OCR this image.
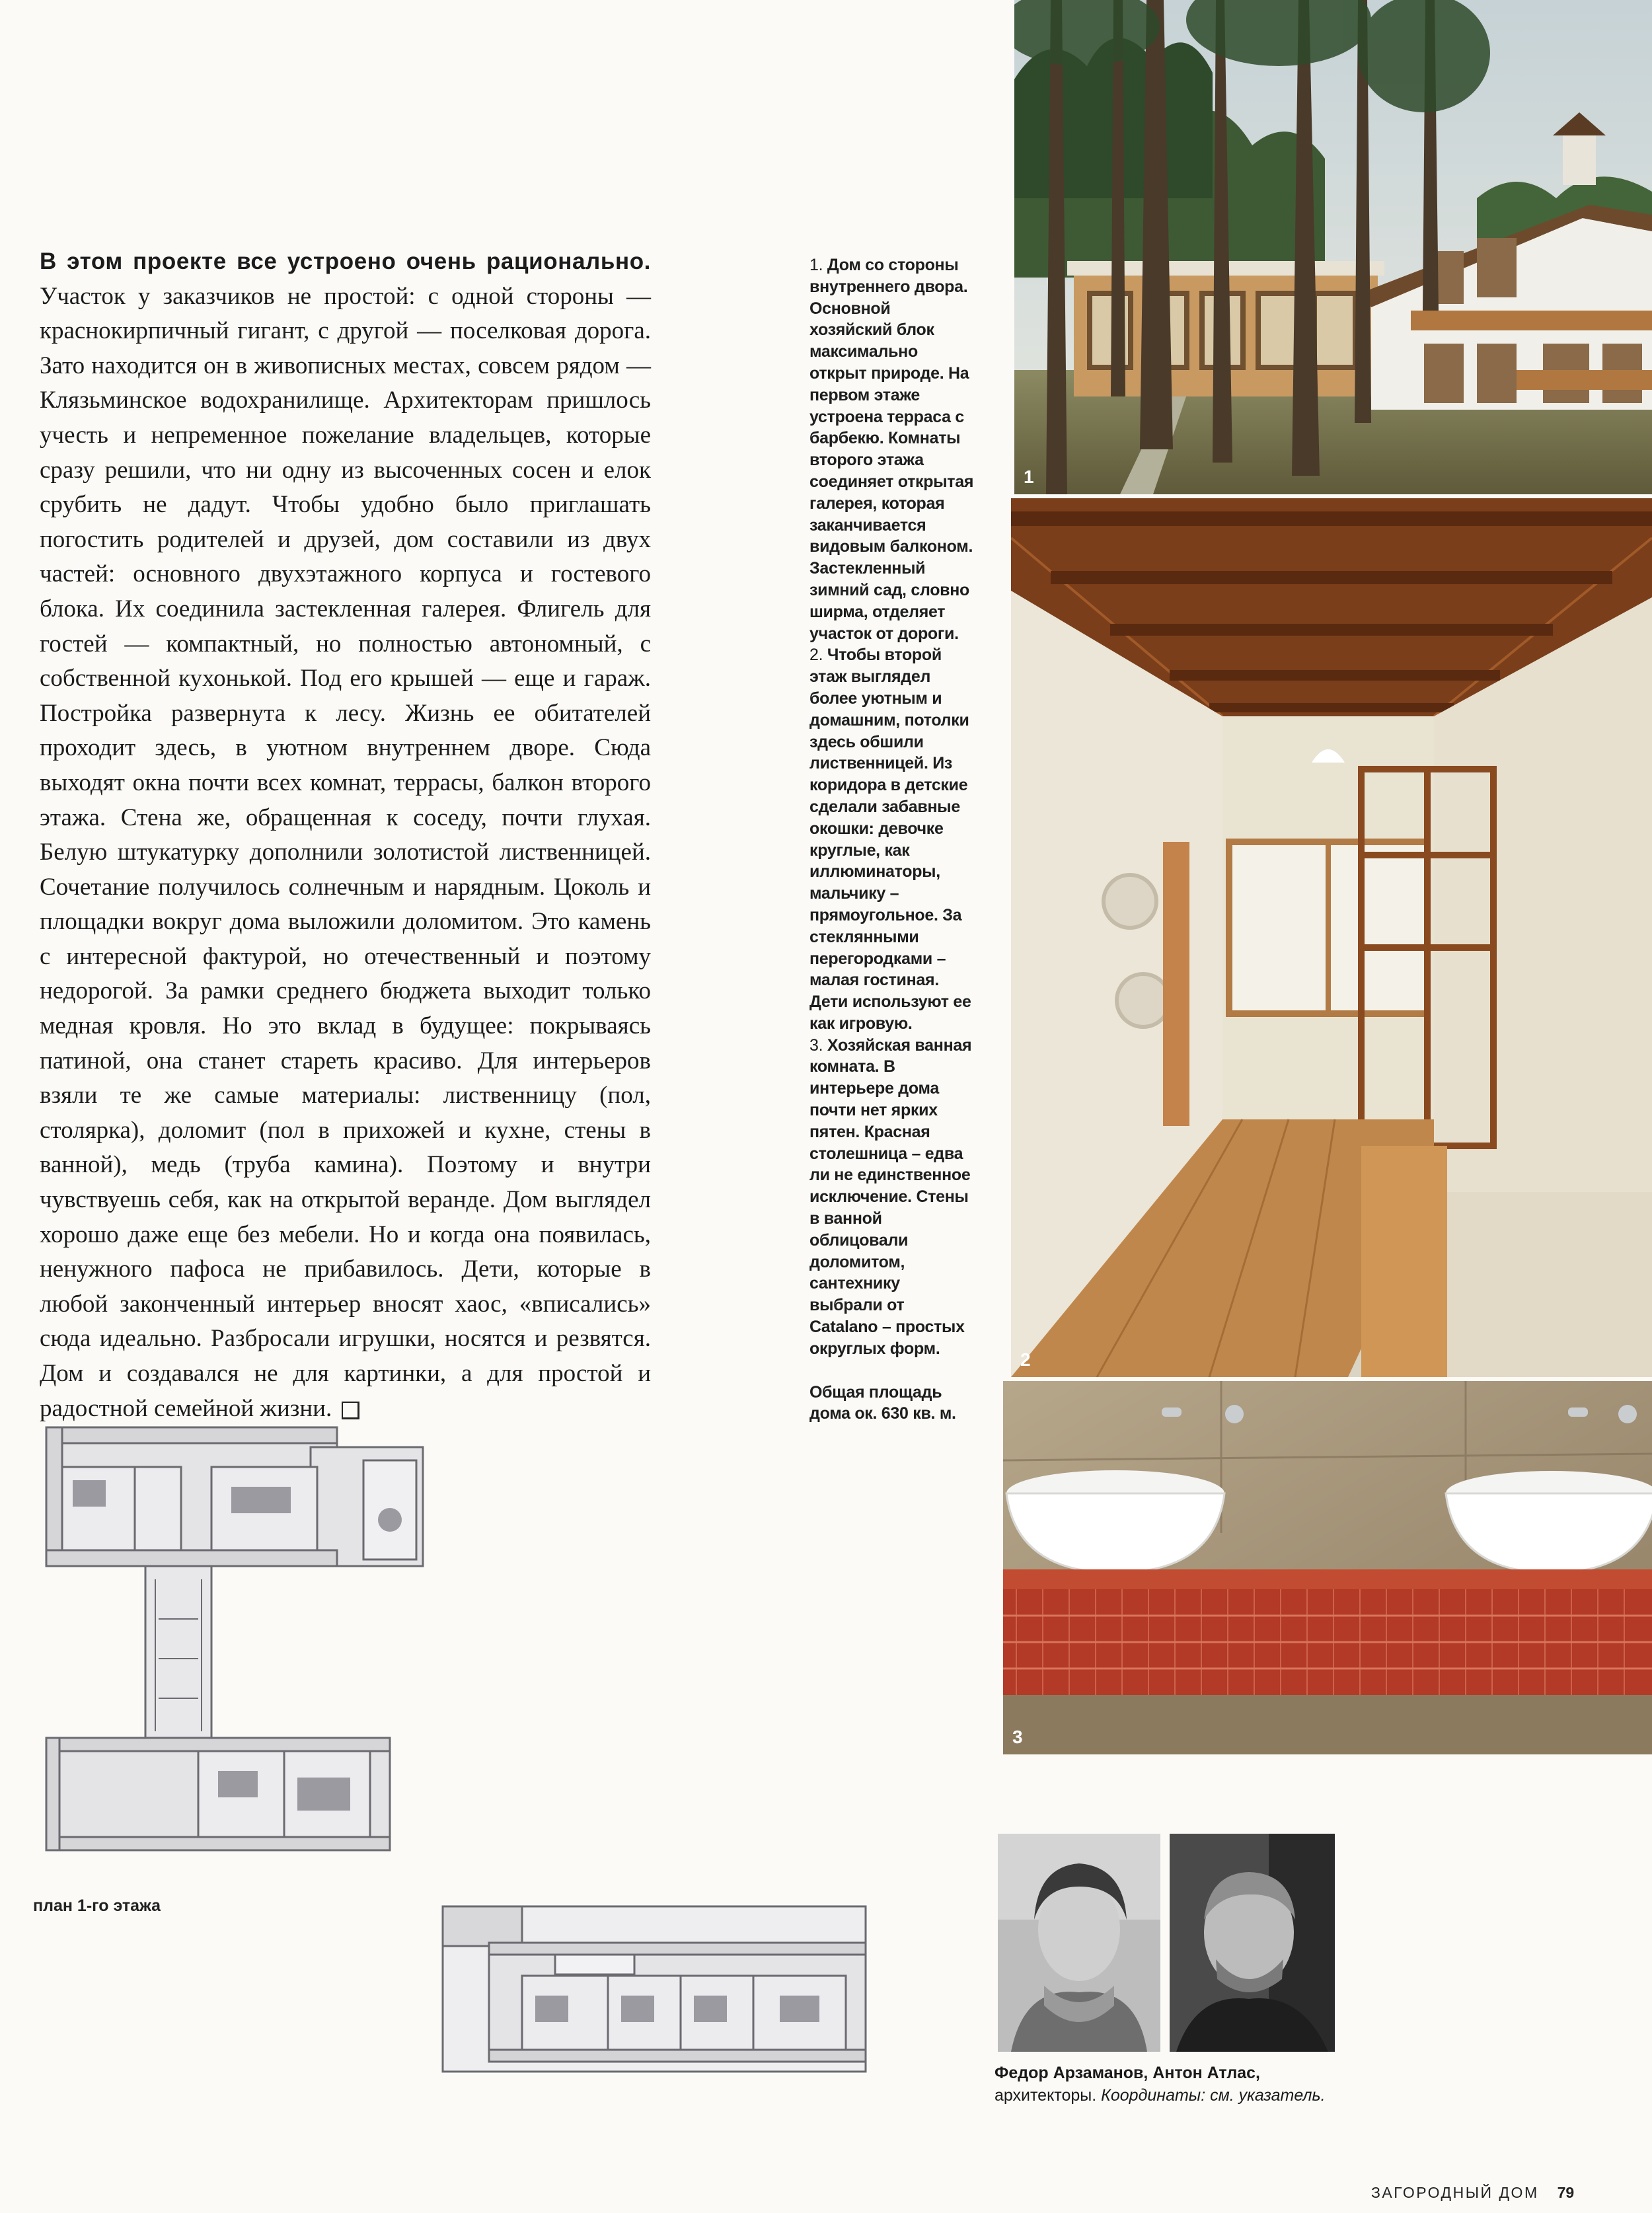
В этом проекте все устроено очень рационально. Участок у заказчиков не простой: с одной стороны — краснокирпичный гигант, с другой — поселковая дорога. Зато находится он в живописных местах, совсем рядом — Клязьминское водохранилище. Архитекторам пришлось учесть и непременное пожелание владельцев, которые сразу решили, что ни одну из высоченных сосен и елок срубить не дадут. Чтобы удобно было приглашать погостить родителей и друзей, дом составили из двух частей: основного двухэтажного корпуса и гостевого блока. Их соединила застекленная галерея. Флигель для гостей — компактный, но полностью автономный, с собственной кухонькой. Под его крышей — еще и гараж. Постройка развернута к лесу. Жизнь ее обитателей проходит здесь, в уютном внутреннем дворе. Сюда выходят окна почти всех комнат, террасы, балкон второго этажа. Стена же, обращенная к соседу, почти глухая. Белую штукатурку дополнили золотистой лиственницей. Сочетание получилось солнечным и нарядным. Цоколь и площадки вокруг дома выложили доломитом. Это камень с интересной фактурой, но отечественный и поэтому недорогой. За рамки среднего бюджета выходит только медная кровля. Но это вклад в будущее: покрываясь патиной, она станет стареть красиво. Для интерьеров взяли те же самые материалы: лиственницу (пол, столярка), доломит (пол в прихожей и кухне, стены в ванной), медь (труба камина). Поэтому и внутри чувствуешь себя, как на открытой веранде. Дом выглядел хорошо даже еще без мебели. Но и когда она появилась, ненужного пафоса не прибавилось. Дети, которые в любой законченный интерьер вносят хаос, «вписались» сюда идеально. Разбросали игрушки, носятся и резвятся. Дом и создавался не для картинки, а для простой и радостной семейной жизни.

1. Дом со стороны внутреннего двора. Основной хозяйский блок максимально открыт природе. На первом этаже устроена терраса с барбекю. Комнаты второго этажа соединяет открытая галерея, которая заканчивается видовым балконом. Застекленный зимний сад, словно ширма, отделяет участок от дороги.

2. Чтобы второй этаж выглядел более уютным и домашним, потолки здесь обшили лиственницей. Из коридора в детские сделали забавные окошки: девочке круглые, как иллюминаторы, мальчику – прямоугольное. За стеклянными перегородками – малая гостиная. Дети используют ее как игровую.

3. Хозяйская ванная комната. В интерьере дома почти нет ярких пятен. Красная столешница – едва ли не единственное исключение. Стены в ванной облицовали доломитом, сантехнику выбрали от Catalano – простых округлых форм.

Общая площадь дома ок. 630 кв. м.

1
2
3
план 1-го этажа
Федор Арзаманов, Антон Атлас, архитекторы. Координаты: см. указатель.
ЗАГОРОДНЫЙ ДОМ 79
